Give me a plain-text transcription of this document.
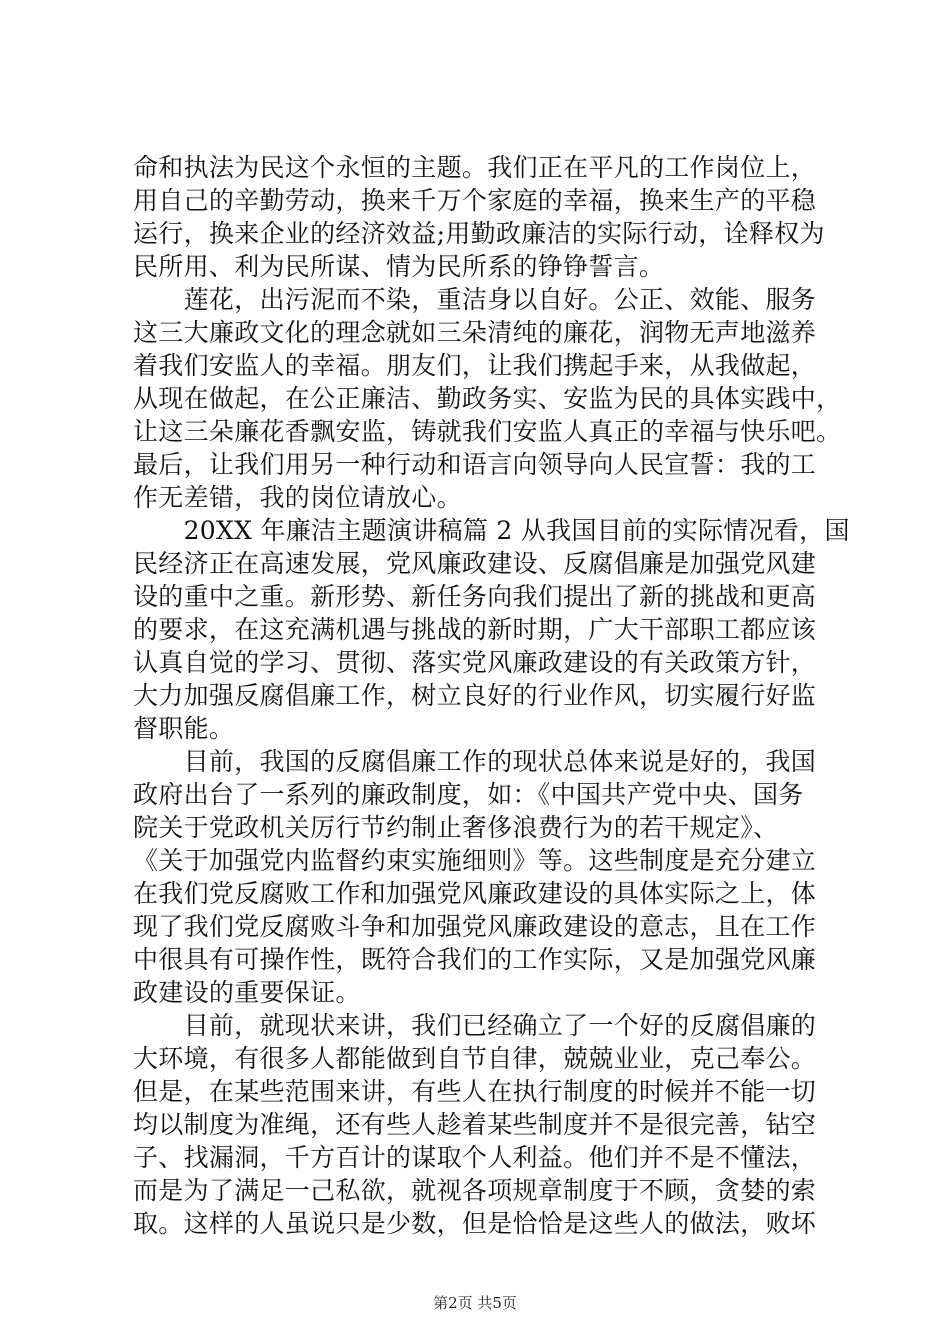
命和执法为民这个永恒的主题。我们正在平凡的工作岗位上，
用自己的辛勤劳动，换来千万个家庭的幸福，换来生产的平稳
运行，换来企业的经济效益;用勤政廉洁的实际行动，诠释权为
民所用、利为民所谋、情为民所系的铮铮誓言。
　　莲花，出污泥而不染，重洁身以自好。公正、效能、服务
这三大廉政文化的理念就如三朵清纯的廉花，润物无声地滋养
着我们安监人的幸福。朋友们，让我们携起手来，从我做起，
从现在做起，在公正廉洁、勤政务实、安监为民的具体实践中，
让这三朵廉花香飘安监，铸就我们安监人真正的幸福与快乐吧。
最后，让我们用另一种行动和语言向领导向人民宣誓：我的工
作无差错，我的岗位请放心。
　　20XX 年廉洁主题演讲稿篇 2 从我国目前的实际情况看，国
民经济正在高速发展，党风廉政建设、反腐倡廉是加强党风建
设的重中之重。新形势、新任务向我们提出了新的挑战和更高
的要求，在这充满机遇与挑战的新时期，广大干部职工都应该
认真自觉的学习、贯彻、落实党风廉政建设的有关政策方针，
大力加强反腐倡廉工作，树立良好的行业作风，切实履行好监
督职能。
　　目前，我国的反腐倡廉工作的现状总体来说是好的，我国
政府出台了一系列的廉政制度，如：《中国共产党中央、国务
院关于党政机关厉行节约制止奢侈浪费行为的若干规定》、
《关于加强党内监督约束实施细则》等。这些制度是充分建立
在我们党反腐败工作和加强党风廉政建设的具体实际之上，体
现了我们党反腐败斗争和加强党风廉政建设的意志，且在工作
中很具有可操作性，既符合我们的工作实际，又是加强党风廉
政建设的重要保证。
　　目前，就现状来讲，我们已经确立了一个好的反腐倡廉的
大环境，有很多人都能做到自节自律，兢兢业业，克己奉公。
但是，在某些范围来讲，有些人在执行制度的时候并不能一切
均以制度为准绳，还有些人趁着某些制度并不是很完善，钻空
子、找漏洞，千方百计的谋取个人利益。他们并不是不懂法，
而是为了满足一己私欲，就视各项规章制度于不顾，贪婪的索
取。这样的人虽说只是少数，但是恰恰是这些人的做法，败坏
第2页 共5页
